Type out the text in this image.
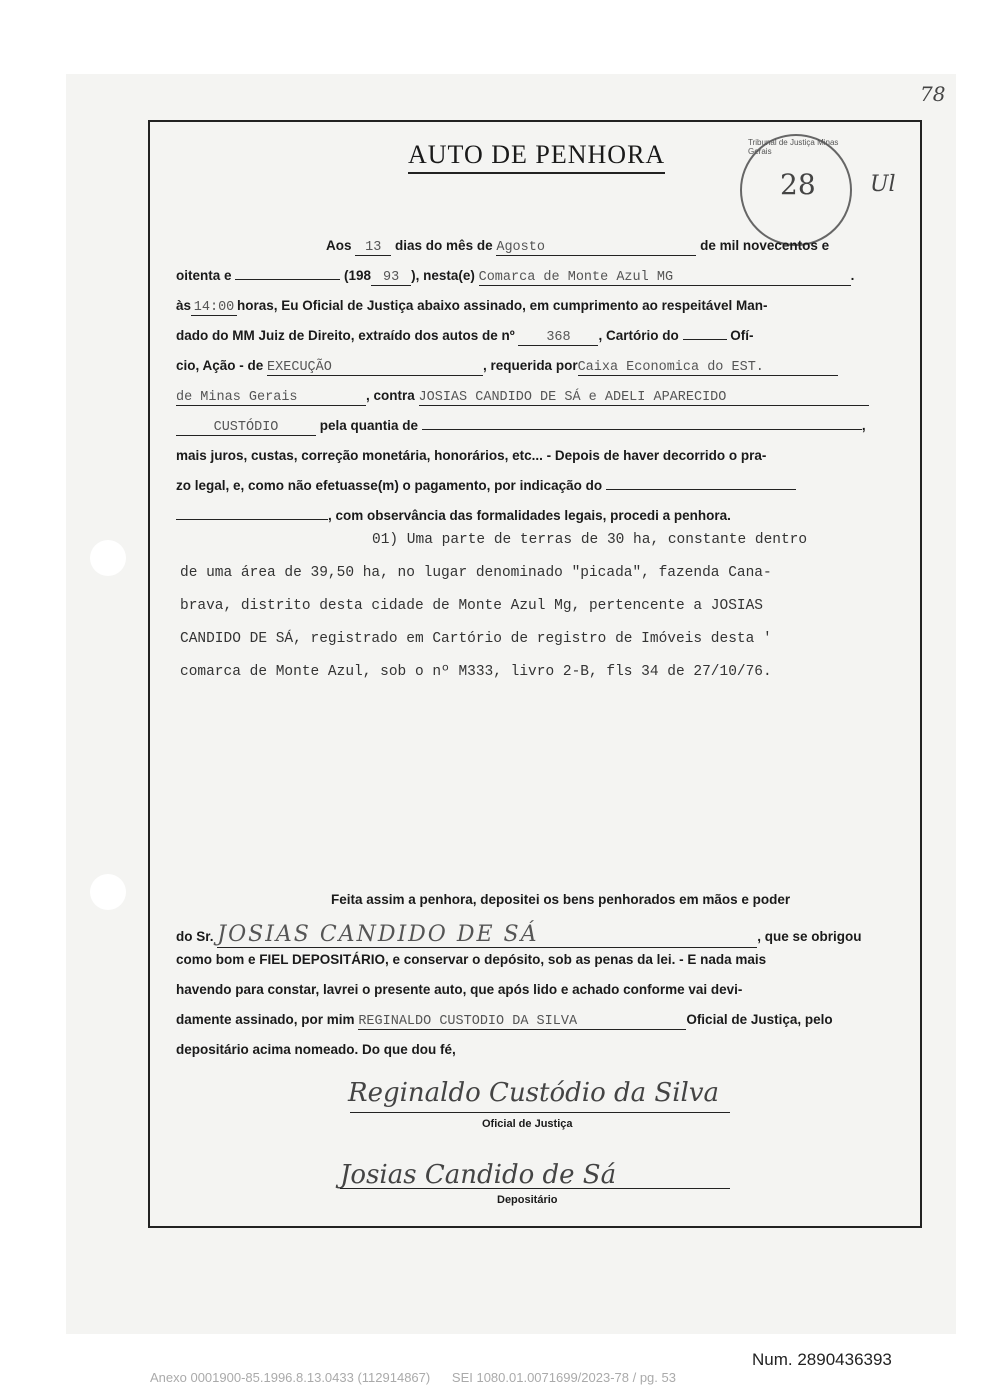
AUTO DE PENHORA	Tribunal de Justiça Minas Gerais
28
78
Ul
Aos 13 dias do mês de Agosto	de mil novecentos e
oitenta e	(198 93 ), nesta(e) Comarca de Monte Azul MG	.
às 14:00 horas, Eu Oficial de Justiça abaixo assinado, em cumprimento ao respeitável Man-
dado do MM Juiz de Direito, extraído dos autos de nº 368 , Cartório do	Ofí-
cio, Ação - de EXECUÇÃO	, requerida porCaixa Economica do EST.
de Minas Gerais	, contra JOSIAS CANDIDO DE SÁ e ADELI APARECIDO
CUSTÓDIO	pela quantia de	,
mais juros, custas, correção monetária, honorários, etc... - Depois de haver decorrido o pra-
zo legal, e, como não efetuasse(m) o pagamento, por indicação do
, com observância das formalidades legais, procedi a penhora.
01) Uma parte de terras de 30 ha, constante dentro
de uma área de 39,50 ha, no lugar denominado "picada", fazenda Cana-
brava, distrito desta cidade de Monte Azul Mg, pertencente a JOSIAS
CANDIDO DE SÁ, registrado em Cartório de registro de Imóveis desta '
comarca de Monte Azul, sob o nº M333, livro 2-B, fls 34 de 27/10/76.
Feita assim a penhora, depositei os bens penhorados em mãos e poder
do Sr. JOSIAS CANDIDO DE SÁ	, que se obrigou
como bom e FIEL DEPOSITÁRIO, e conservar o depósito, sob as penas da lei. - E nada mais
havendo para constar, lavrei o presente auto, que após lido e achado conforme vai devi-
damente assinado, por mim REGINALDO CUSTODIO DA SILVA	Oficial de Justiça, pelo
depositário acima nomeado. Do que dou fé,
Reginaldo Custódio da Silva
Oficial de Justiça
Josias Candido de Sá
Depositário
Num. 2890436393
Anexo 0001900-85.1996.8.13.0433 (112914867)      SEI 1080.01.0071699/2023-78 / pg. 53
